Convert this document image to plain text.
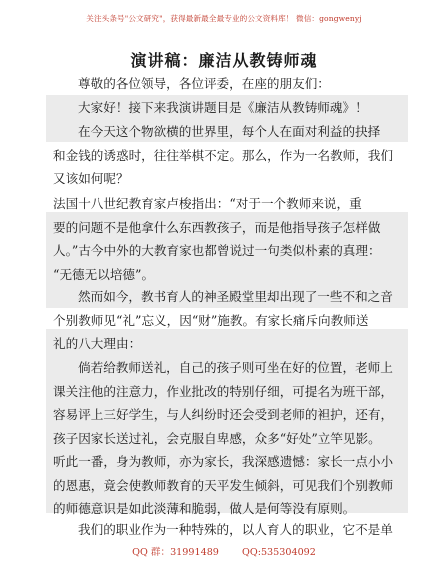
关注头条号"公文研究"，获得最新最全最专业的公文资料库！ 微信：gongwenyj
演讲稿：廉洁从教铸师魂
尊敬的各位领导，各位评委，在座的朋友们：
大家好！接下来我演讲题目是《廉洁从教铸师魂》！
在今天这个物欲横的世界里，每个人在面对利益的抉择
和金钱的诱惑时，往往举棋不定。那么，作为一名教师，我们
又该如何呢？
法国十八世纪教育家卢梭指出：“对于一个教师来说，重
要的问题不是他拿什么东西教孩子，而是他指导孩子怎样做
人。”古今中外的大教育家也都曾说过一句类似朴素的真理：
“无德无以培德”。
然而如今，教书育人的神圣殿堂里却出现了一些不和之音
个别教师见“礼”忘义，因“财”施教。有家长痛斥向教师送
礼的八大理由：
倘若给教师送礼，自己的孩子则可坐在好的位置，老师上
课关注他的注意力，作业批改的特别仔细，可提名为班干部，
容易评上三好学生，与人纠纷时还会受到老师的袒护，还有，
孩子因家长送过礼，会克服自卑感，众多“好处”立竿见影。
听此一番，身为教师，亦为家长，我深感遗憾：家长一点小小
的恩惠，竟会使教师教育的天平发生倾斜，可见我们个别教师
的师德意识是如此淡薄和脆弱，做人是何等没有原则。
我们的职业作为一种特殊的，以人育人的职业，它不是单
QQ 群：31991489 QQ:535304092
